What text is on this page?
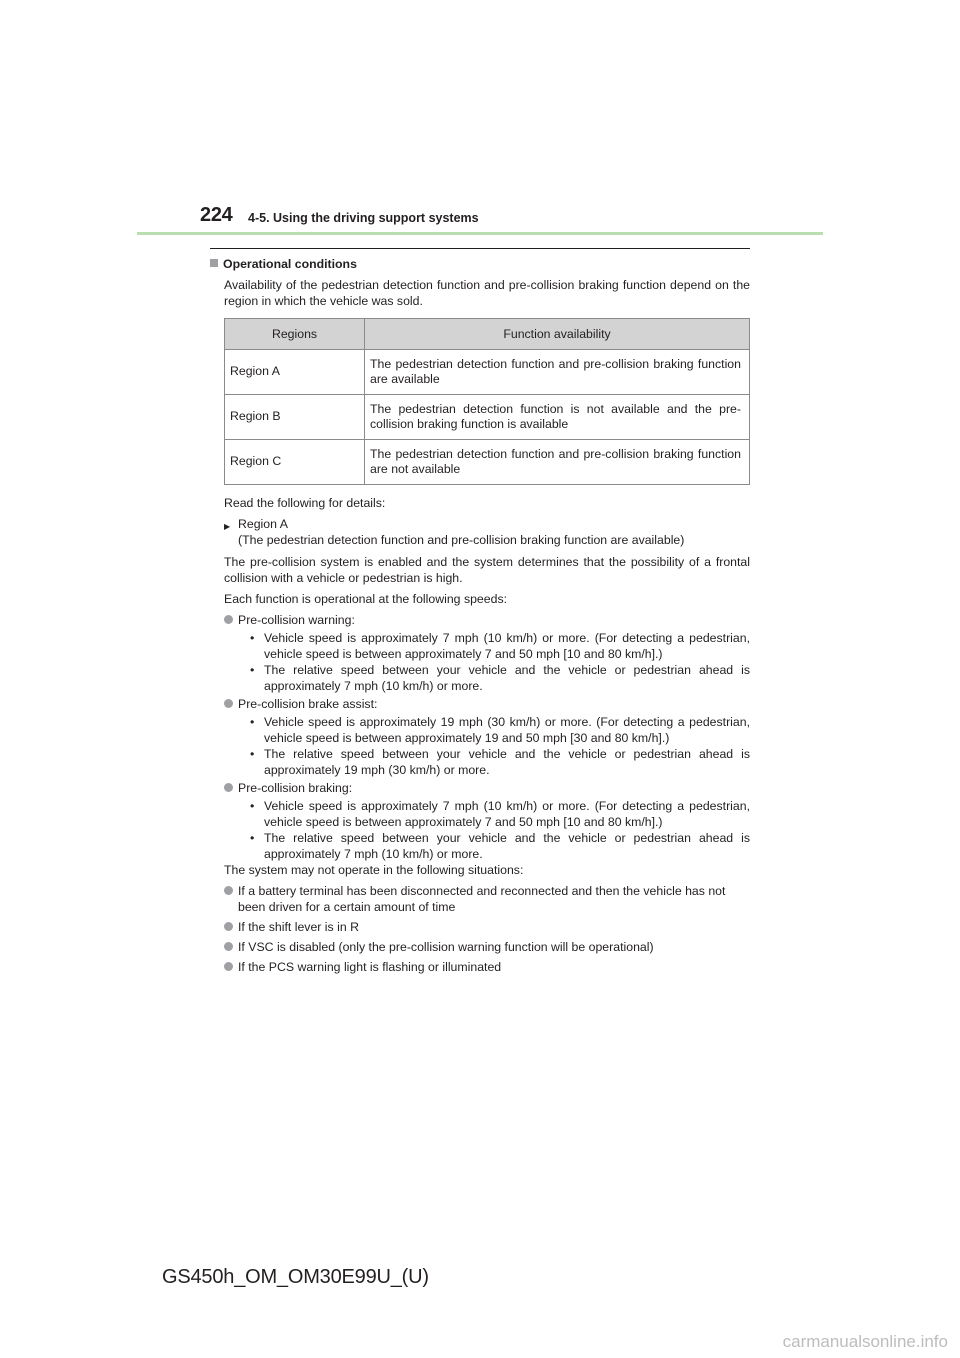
224 4-5. Using the driving support systems
Operational conditions

Availability of the pedestrian detection function and pre-collision braking function depend on the region in which the vehicle was sold.

Regions	Function availability
Region A	The pedestrian detection function and pre-collision braking function are available
Region B	The pedestrian detection function is not available and the pre-collision braking function is available
Region C	The pedestrian detection function and pre-collision braking function are not available

Read the following for details:

▶ Region A
(The pedestrian detection function and pre-collision braking function are available)

The pre-collision system is enabled and the system determines that the possibility of a frontal collision with a vehicle or pedestrian is high.

Each function is operational at the following speeds:

Pre-collision warning:
• Vehicle speed is approximately 7 mph (10 km/h) or more. (For detecting a pedestrian, vehicle speed is between approximately 7 and 50 mph [10 and 80 km/h].)
• The relative speed between your vehicle and the vehicle or pedestrian ahead is approximately 7 mph (10 km/h) or more.
Pre-collision brake assist:
• Vehicle speed is approximately 19 mph (30 km/h) or more. (For detecting a pedestrian, vehicle speed is between approximately 19 and 50 mph [30 and 80 km/h].)
• The relative speed between your vehicle and the vehicle or pedestrian ahead is approximately 19 mph (30 km/h) or more.
Pre-collision braking:
• Vehicle speed is approximately 7 mph (10 km/h) or more. (For detecting a pedestrian, vehicle speed is between approximately 7 and 50 mph [10 and 80 km/h].)
• The relative speed between your vehicle and the vehicle or pedestrian ahead is approximately 7 mph (10 km/h) or more.

The system may not operate in the following situations:

If a battery terminal has been disconnected and reconnected and then the vehicle has not been driven for a certain amount of time
If the shift lever is in R
If VSC is disabled (only the pre-collision warning function will be operational)
If the PCS warning light is flashing or illuminated
GS450h_OM_OM30E99U_(U)
carmanualsonline.info
